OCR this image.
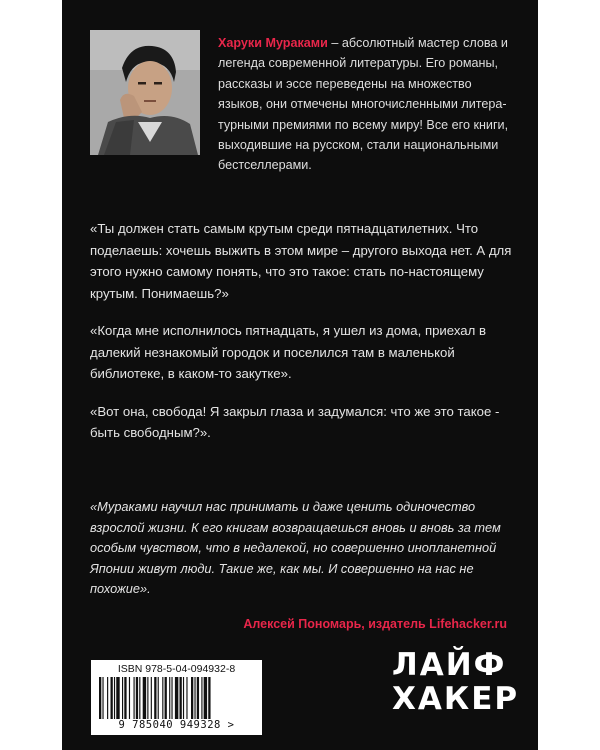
Харуки Мураками – абсолютный мастер слова и легенда современной литературы. Его романы, рассказы и эссе переведены на множество языков, они отмечены многочисленными литературными премиями по всему миру! Все его книги, выходившие на русском, стали национальными бестселлерами.

«Ты должен стать самым крутым среди пятнадцатилетних. Что поделаешь: хочешь выжить в этом мире – другого выхода нет. А для этого нужно самому понять, что это такое: стать по-настоящему крутым. Понимаешь?»

«Когда мне исполнилось пятнадцать, я ушел из дома, приехал в далекий незнакомый городок и поселился там в маленькой библиотеке, в каком-то закутке».

«Вот она, свобода! Я закрыл глаза и задумался: что же это такое - быть свободным?».

«Мураками научил нас принимать и даже ценить одиночество взрослой жизни. К его книгам возвращаешься вновь и вновь за тем особым чувством, что в недалекой, но совершенно инопланетной Японии живут люди. Такие же, как мы. И совершенно на нас не похожие».
Алексей Пономарь, издатель Lifehacker.ru
ISBN 978-5-04-094932-8
9 785040 949328 >
ЛАЙФ
ХАКЕР
